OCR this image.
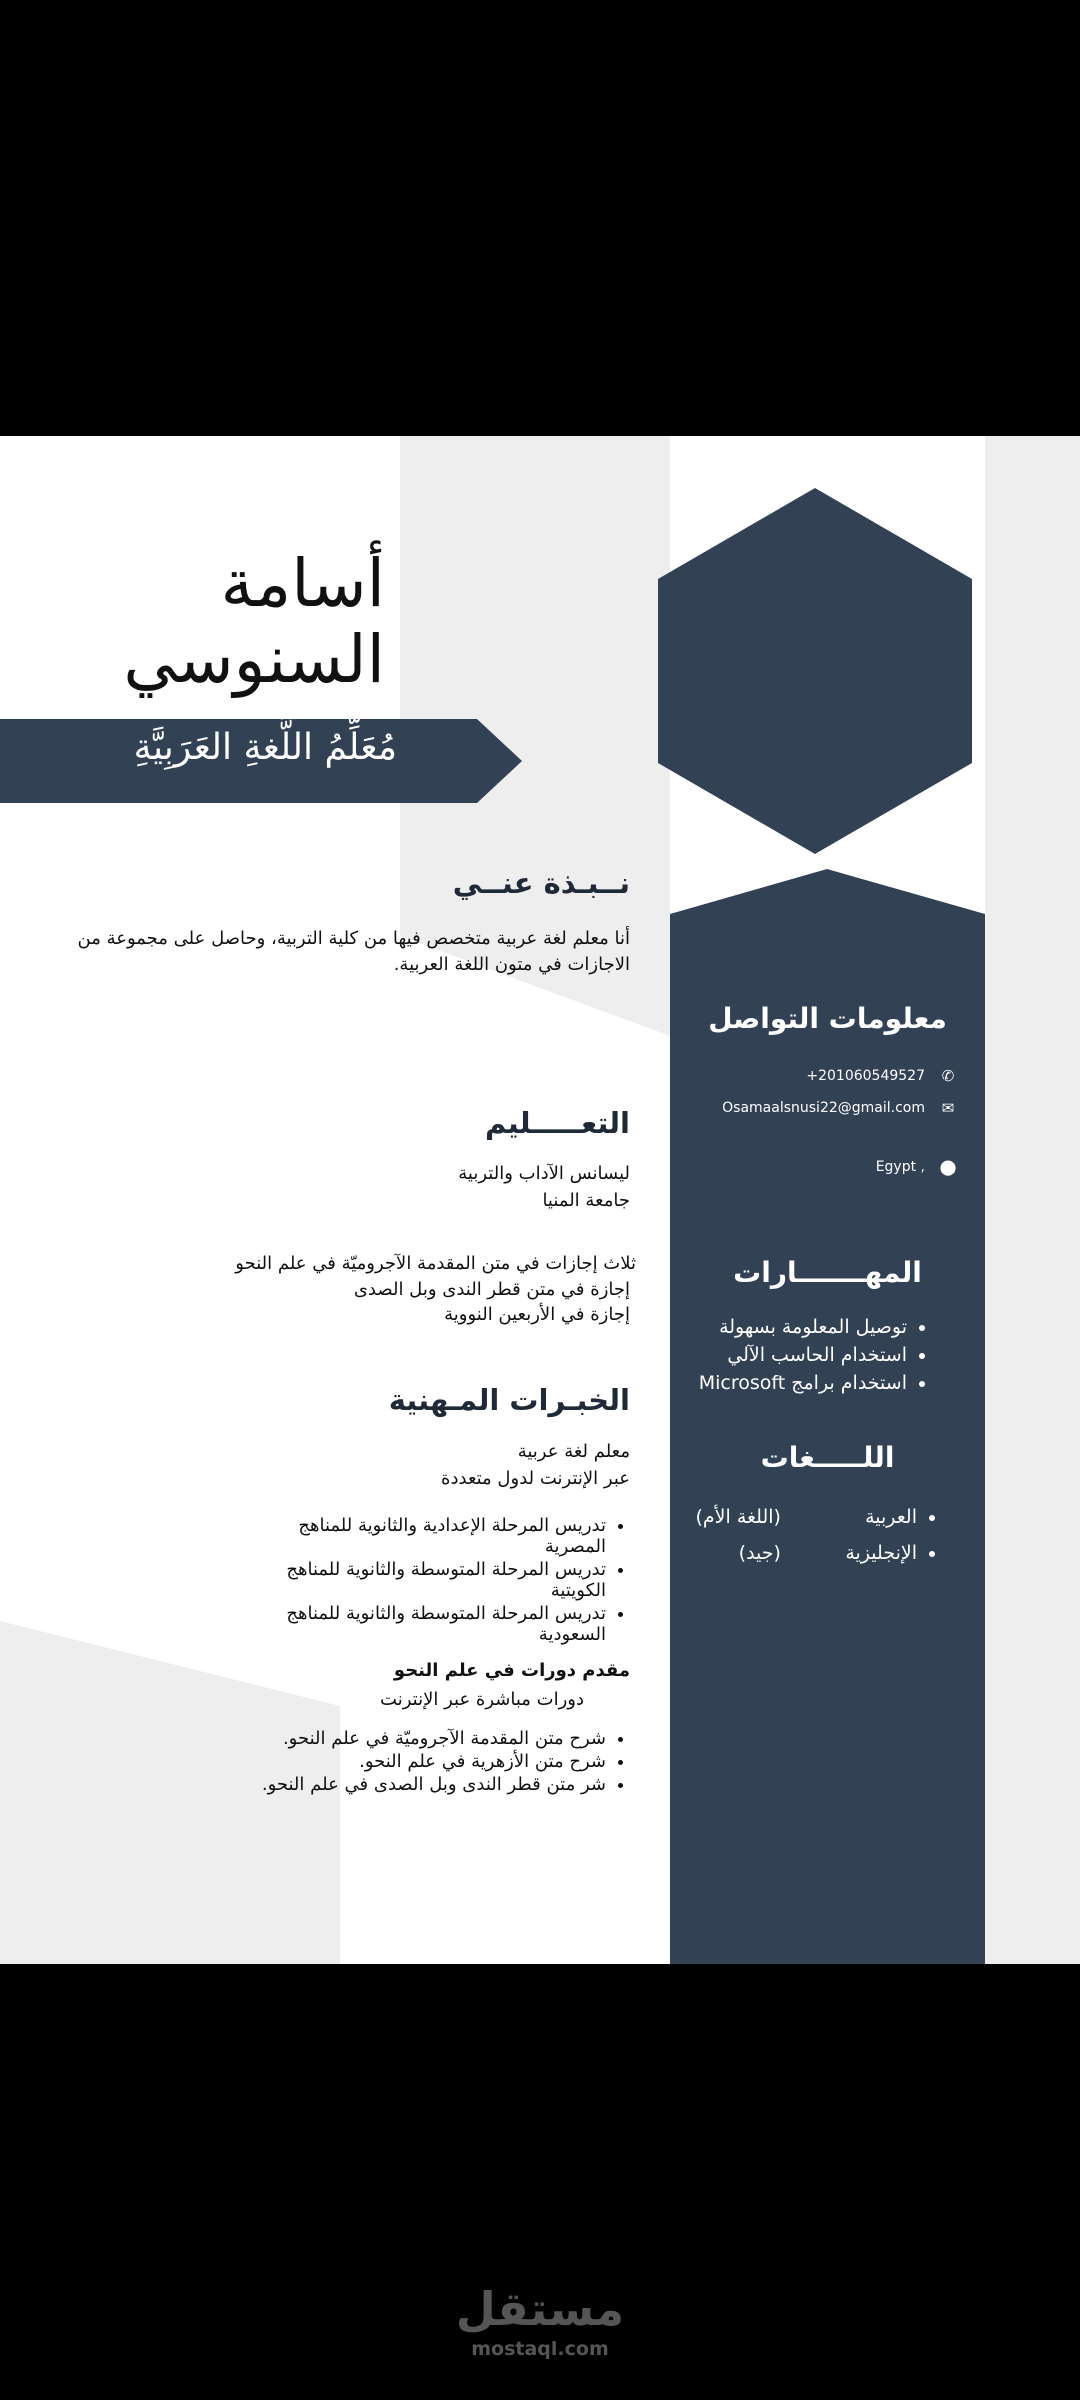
معلومات التواصل
✆
+201060549527
✉
Osamaalsnusi22@gmail.com
⬤
Egypt ,
المهـــــــارات
• توصيل المعلومة بسهولة
• استخدام الحاسب الآلي
• استخدام برامج Microsoft
اللـــــغات
• العربية (اللغة الأم)
• الإنجليزية (جيد)
أسامة
السنوسي
مُعَلِّمُ اللُّغةِ العَرَبِيَّةِ
نــبـذة عنــي
أنا معلم لغة عربية متخصص فيها من كلية التربية، وحاصل على مجموعة من الاجازات في متون اللغة العربية.
التعـــــليم
ليسانس الآداب والتربية
جامعة المنيا
ثلاث إجازات في متن المقدمة الآجروميّة في علم النحو
إجازة في متن قطر الندى وبل الصدى
إجازة في الأربعين النووية
الخبـرات المـهنية
معلم لغة عربية
عبر الإنترنت لدول متعددة
• تدريس المرحلة الإعدادية والثانوية للمناهج المصرية
• تدريس المرحلة المتوسطة والثانوية للمناهج الكويتية
• تدريس المرحلة المتوسطة والثانوية للمناهج السعودية
مقدم دورات في علم النحو
دورات مباشرة عبر الإنترنت
• شرح متن المقدمة الآجروميّة في علم النحو.
• شرح متن الأزهرية في علم النحو.
• شر متن قطر الندى وبل الصدى في علم النحو.
مستقل
mostaql.com
